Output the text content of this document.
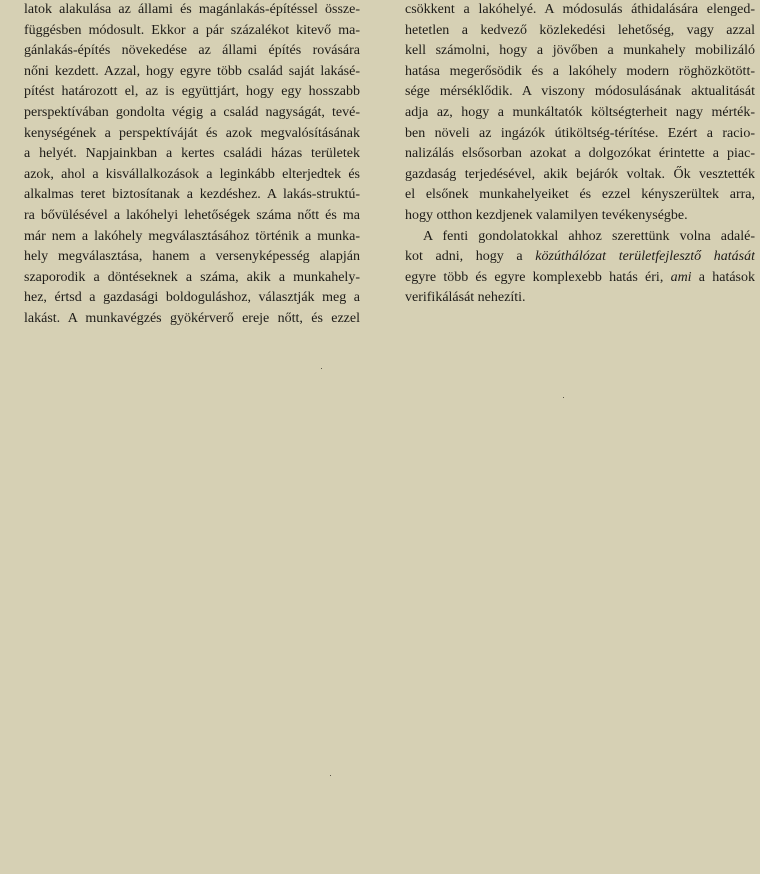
latok alakulása az állami és magánlakás-építéssel össze-
függésben módosult. Ekkor a pár százalékot kitevő ma-
gánlakás-építés növekedése az állami építés rovására
nőni kezdett. Azzal, hogy egyre több család saját lakásé-
pítést határozott el, az is együttjárt, hogy egy hosszabb
perspektívában gondolta végig a család nagyságát, tevé-
kenységének a perspektíváját és azok megvalósításának
a helyét. Napjainkban a kertes családi házas területek
azok, ahol a kisvállalkozások a leginkább elterjedtek és
alkalmas teret biztosítanak a kezdéshez. A lakás-struktú-
ra bővülésével a lakóhelyi lehetőségek száma nőtt és ma
már nem a lakóhely megválasztásához történik a munka-
hely megválasztása, hanem a versenyképesség alapján
szaporodik a döntéseknek a száma, akik a munkahely-
hez, értsd a gazdasági boldoguláshoz, választják meg a
lakást. A munkavégzés gyökérverő ereje nőtt, és ezzel
csökkent a lakóhelyé. A módosulás áthidalására elenged-
hetetlen a kedvező közlekedési lehetőség, vagy azzal
kell számolni, hogy a jövőben a munkahely mobilizáló
hatása megerősödik és a lakóhely modern röghözkötött-
sége mérséklődik. A viszony módosulásának aktualitását
adja az, hogy a munkáltatók költségterheit nagy mérték-
ben növeli az ingázók útiköltség-térítése. Ezért a racio-
nalizálás elsősorban azokat a dolgozókat érintette a piac-
gazdaság terjedésével, akik bejárók voltak. Ők vesztették
el elsőnek munkahelyeiket és ezzel kényszerültek arra,
hogy otthon kezdjenek valamilyen tevékenységbe.
A fenti gondolatokkal ahhoz szerettünk volna adalé-
kot adni, hogy a közúthálózat területfejlesztő hatását
egyre több és egyre komplexebb hatás éri, ami a hatások
verifikálását nehezíti.
